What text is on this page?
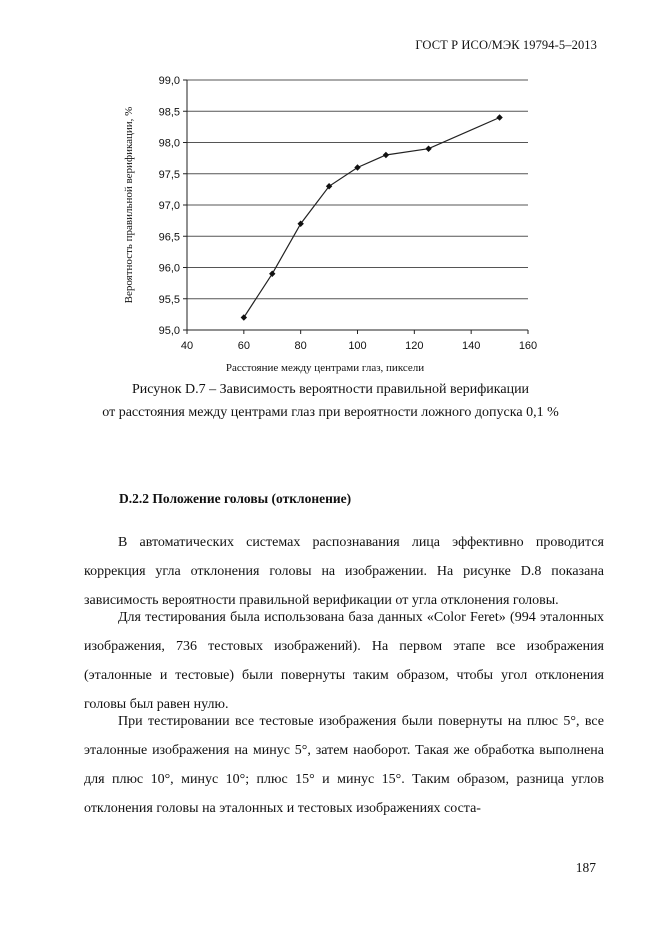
ГОСТ Р ИСО/МЭК 19794-5–2013
95,0
95,5
96,0
96,5
97,0
97,5
98,0
98,5
99,0
40	60	80	100	120	140	160
Вероятность правильной верификации, %
Расстояние между центрами глаз, пиксели
Рисунок D.7 – Зависимость вероятности правильной верификации
от расстояния между центрами глаз при вероятности ложного допуска 0,1 %
D.2.2 Положение головы (отклонение)

В автоматических системах распознавания лица эффективно проводится коррекция угла отклонения головы на изображении. На рисунке D.8 показана зависимость вероятности правильной верификации от угла отклонения головы.

Для тестирования была использована база данных «Color Feret» (994 эталонных изображения, 736 тестовых изображений). На первом этапе все изображения (эталонные и тестовые) были повернуты таким образом, чтобы угол отклонения головы был равен нулю.

При тестировании все тестовые изображения были повернуты на плюс 5°, все эталонные изображения на минус 5°, затем наоборот. Такая же обработка выполнена для плюс 10°, минус 10°; плюс 15° и минус 15°. Таким образом, разница углов отклонения головы на эталонных и тестовых изображениях соста-

187
